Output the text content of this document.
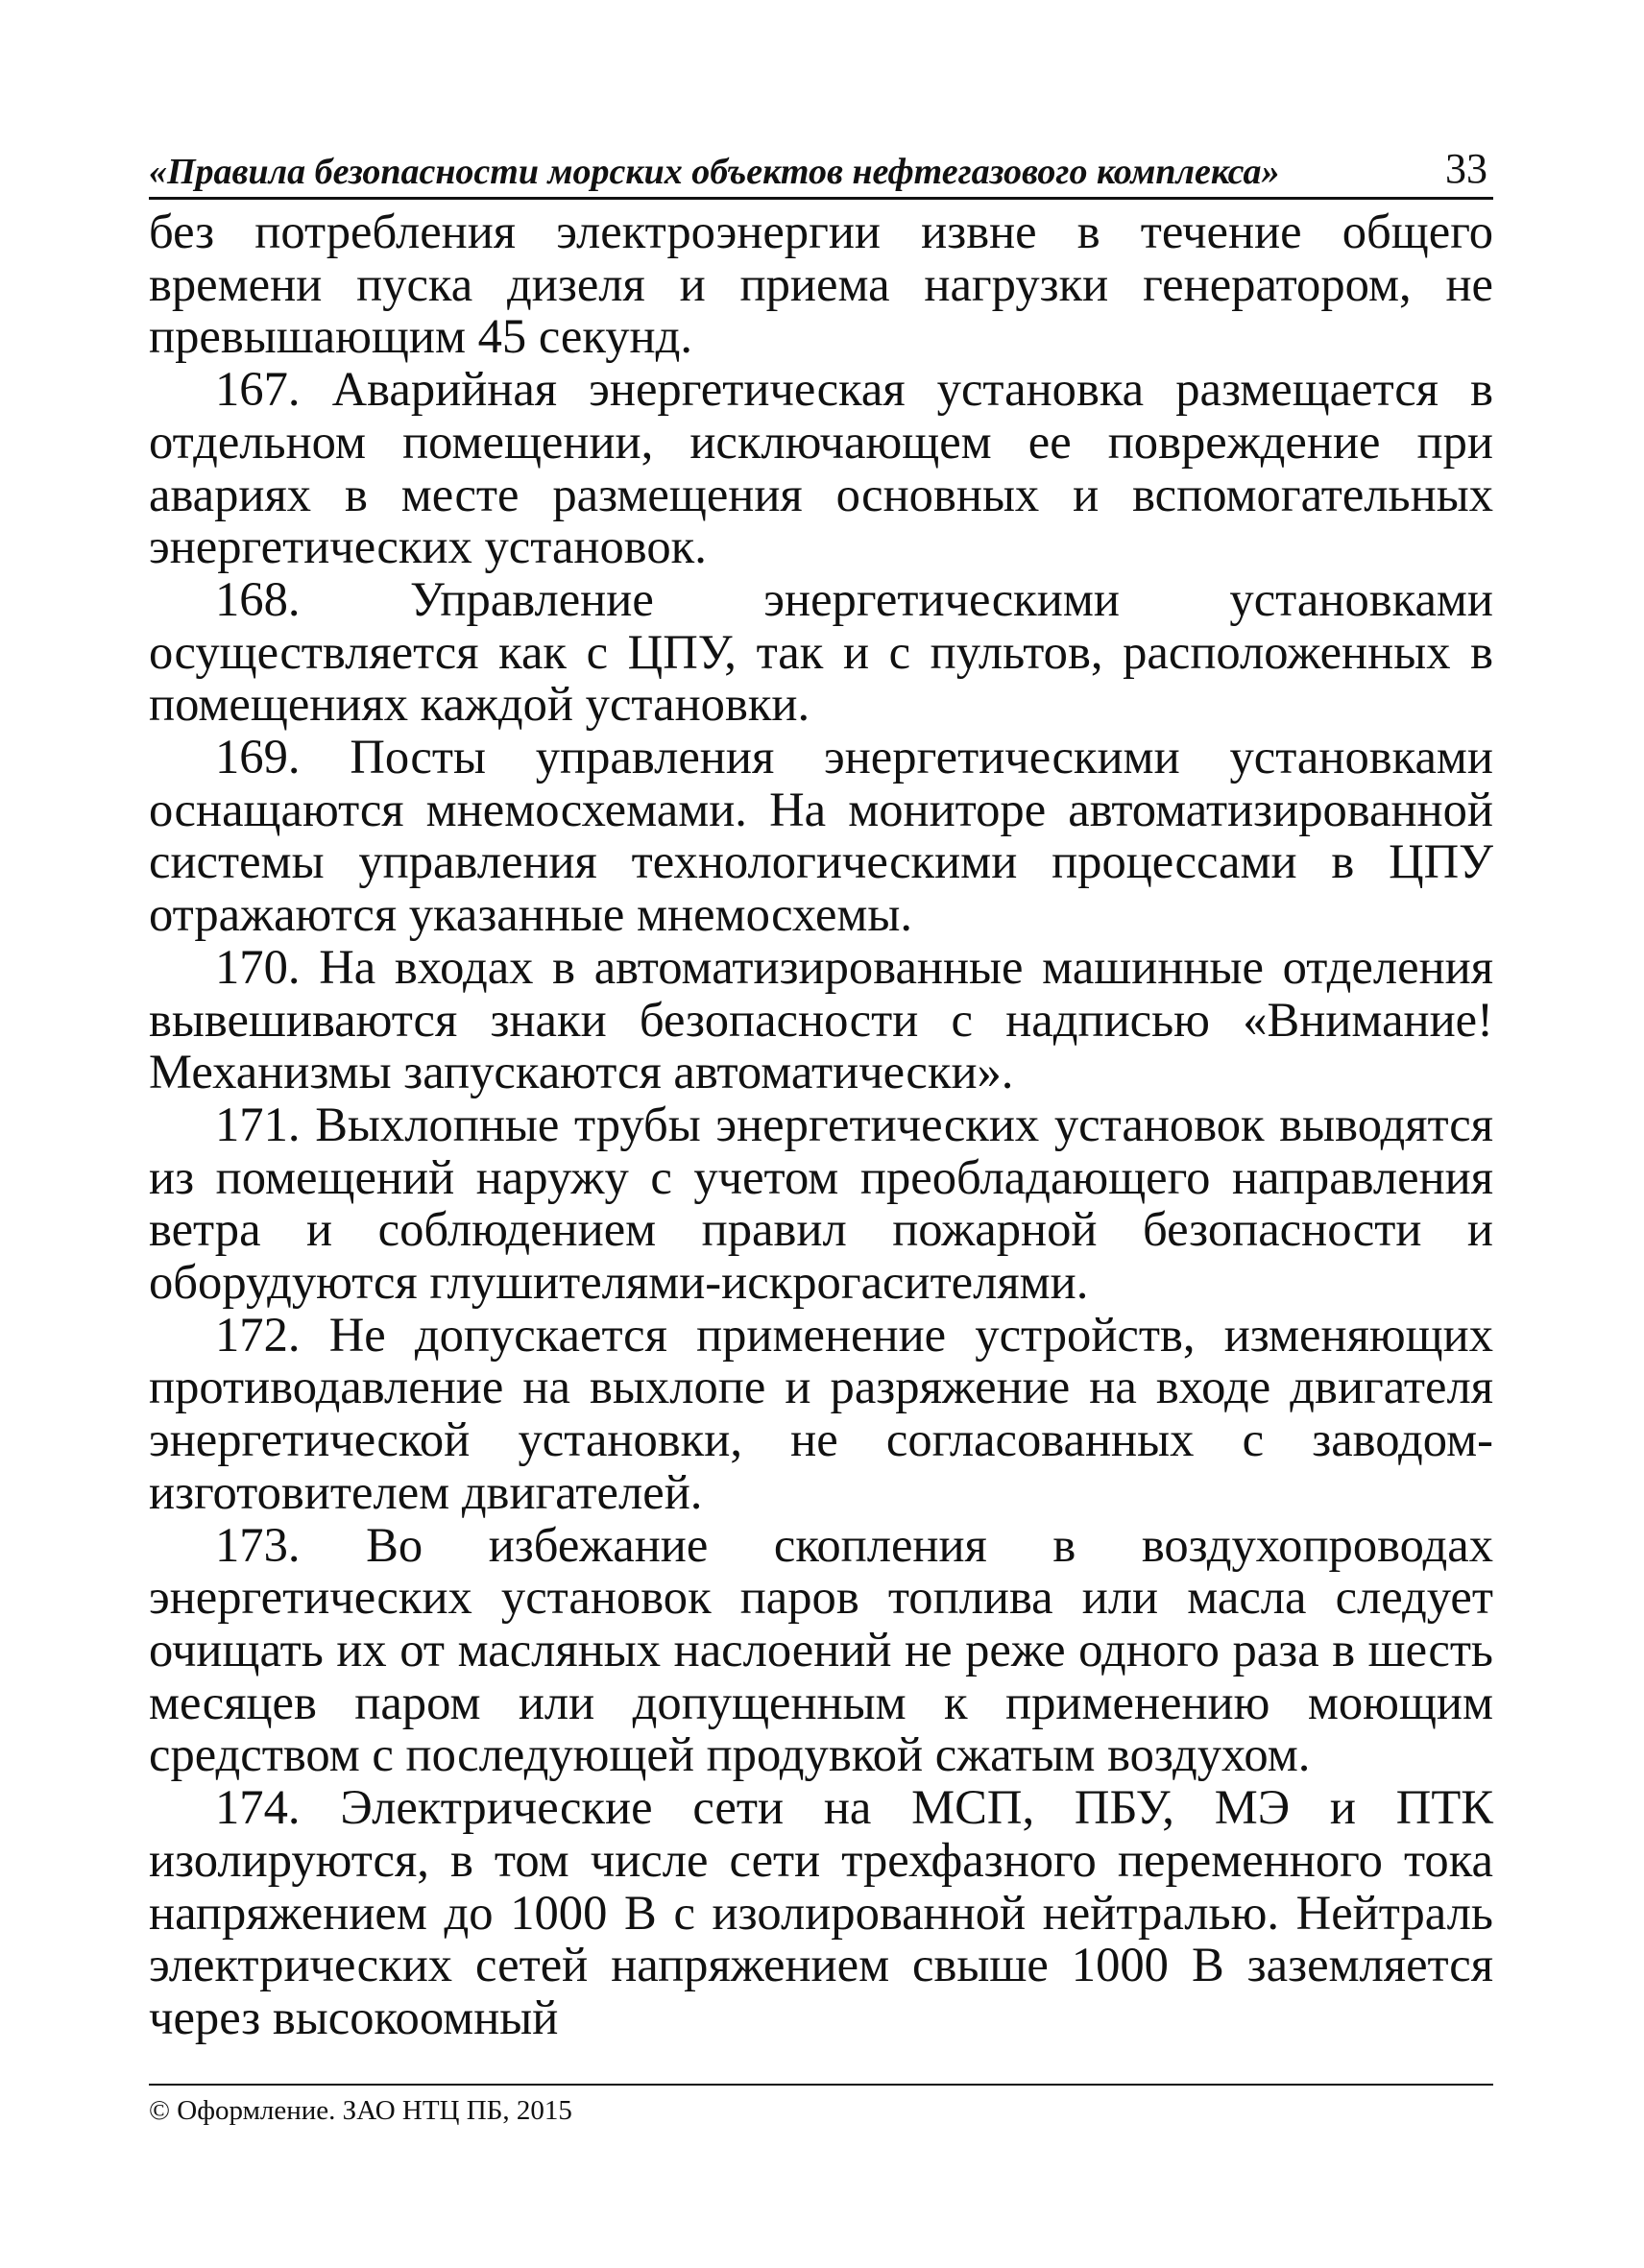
«Правила безопасности морских объектов нефтегазового комплекса»	33

без потребления электроэнергии извне в течение общего времени пуска дизеля и приема нагрузки генератором, не превышающим 45 секунд.

167. Аварийная энергетическая установка размещается в отдельном помещении, исключающем ее повреждение при авариях в месте размещения основных и вспомогательных энергетических установок.

168. Управление энергетическими установками осуществляется как с ЦПУ, так и с пультов, расположенных в помещениях каждой установки.

169. Посты управления энергетическими установками оснащаются мнемосхемами. На мониторе автоматизированной системы управления технологическими процессами в ЦПУ отражаются указанные мнемосхемы.

170. На входах в автоматизированные машинные отделения вывешиваются знаки безопасности с надписью «Внимание! Механизмы запускаются автоматически».

171. Выхлопные трубы энергетических установок выводятся из помещений наружу с учетом преобладающего направления ветра и соблюдением правил пожарной безопасности и оборудуются глушителями-искрогасителями.

172. Не допускается применение устройств, изменяющих противодавление на выхлопе и разряжение на входе двигателя энергетической установки, не согласованных с заводом-изготовителем двигателей.

173. Во избежание скопления в воздухопроводах энергетических установок паров топлива или масла следует очищать их от масляных наслоений не реже одного раза в шесть месяцев паром или допущенным к применению моющим средством с последующей продувкой сжатым воздухом.

174. Электрические сети на МСП, ПБУ, МЭ и ПТК изолируются, в том числе сети трехфазного переменного тока напряжением до 1000 В с изолированной нейтралью. Нейтраль электрических сетей напряжением свыше 1000 В заземляется через высокоомный

© Оформление. ЗАО НТЦ ПБ, 2015
